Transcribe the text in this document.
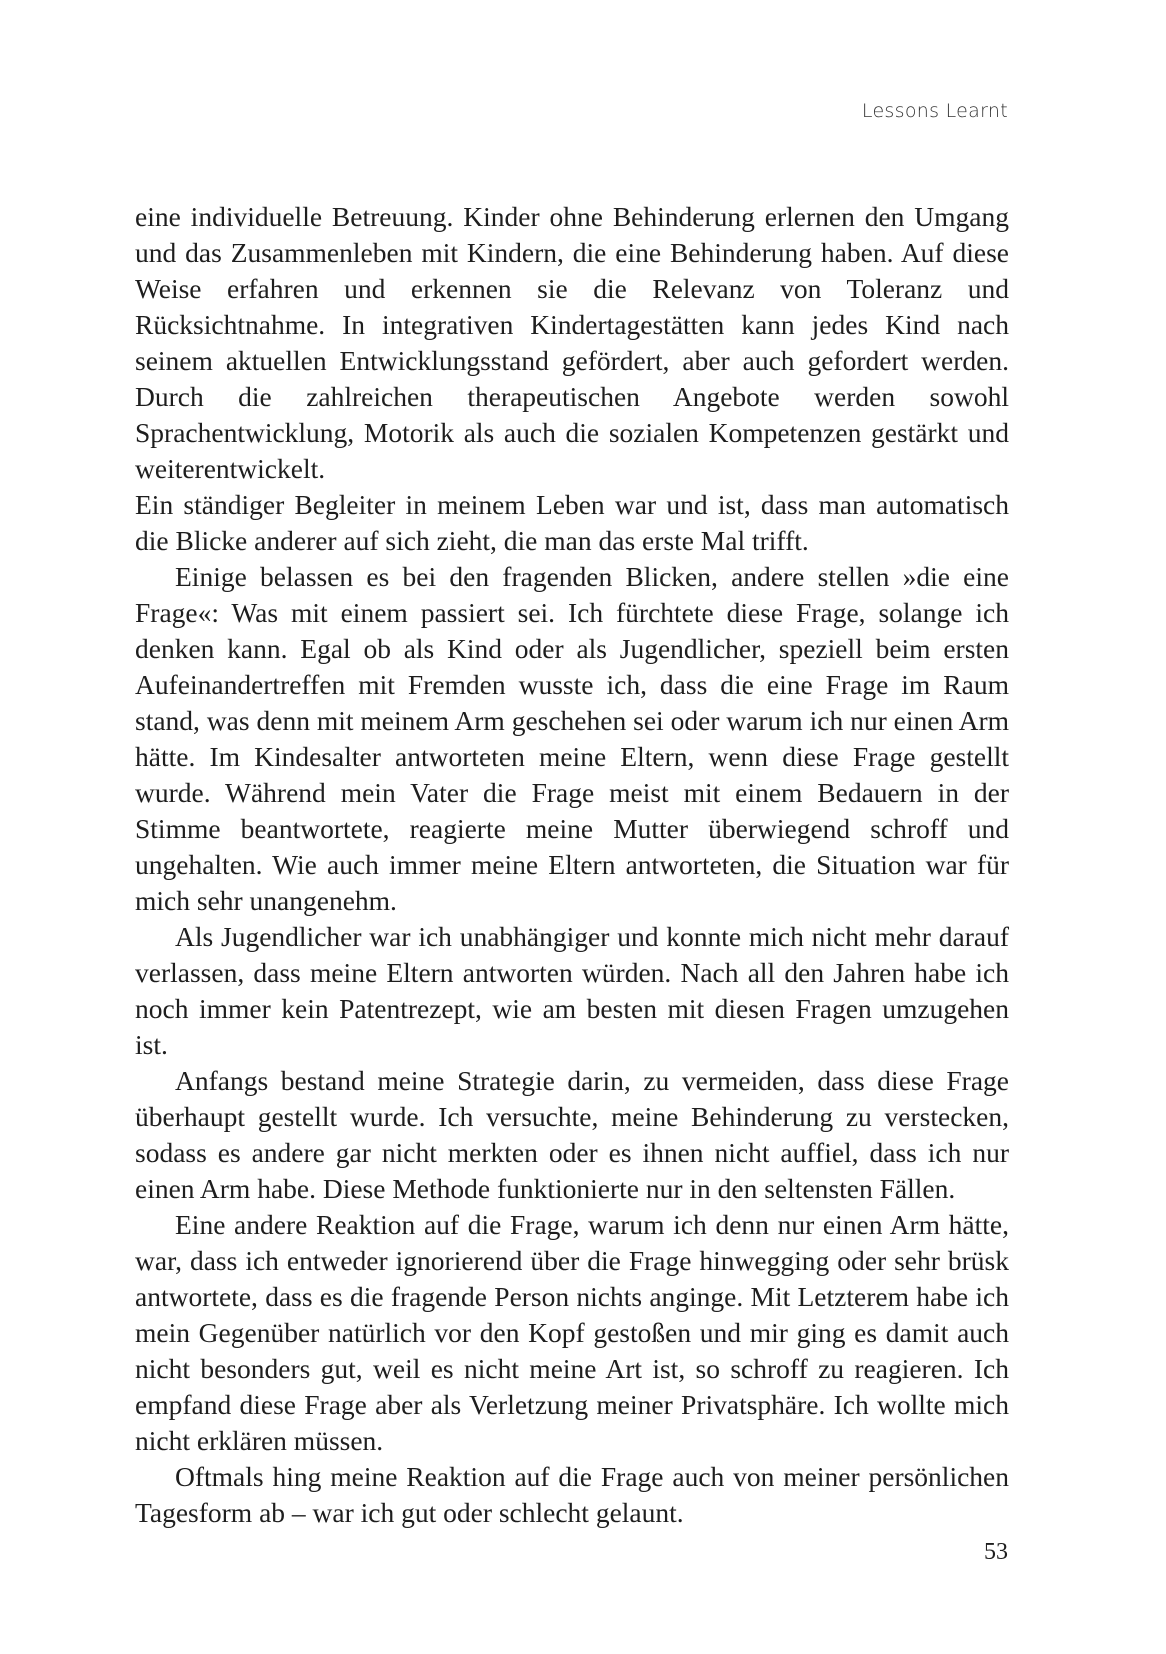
Lessons Learnt

eine individuelle Betreuung. Kinder ohne Behinderung erlernen den Umgang und das Zusammenleben mit Kindern, die eine Behinderung haben. Auf diese Weise erfahren und erkennen sie die Relevanz von Toleranz und Rücksichtnahme. In integrativen Kindertagestätten kann jedes Kind nach seinem aktuellen Entwicklungsstand gefördert, aber auch gefordert werden. Durch die zahlreichen therapeutischen Angebote werden sowohl Sprachentwicklung, Motorik als auch die sozialen Kompetenzen gestärkt und weiterentwickelt.

Ein ständiger Begleiter in meinem Leben war und ist, dass man automatisch die Blicke anderer auf sich zieht, die man das erste Mal trifft.

Einige belassen es bei den fragenden Blicken, andere stellen »die eine Frage«: Was mit einem passiert sei. Ich fürchtete diese Frage, solange ich denken kann. Egal ob als Kind oder als Jugendlicher, speziell beim ersten Aufeinandertreffen mit Fremden wusste ich, dass die eine Frage im Raum stand, was denn mit meinem Arm geschehen sei oder warum ich nur einen Arm hätte. Im Kindesalter antworteten meine Eltern, wenn diese Frage gestellt wurde. Während mein Vater die Frage meist mit einem Bedauern in der Stimme beantwortete, reagierte meine Mutter überwiegend schroff und ungehalten. Wie auch immer meine Eltern antworteten, die Situation war für mich sehr unangenehm.

Als Jugendlicher war ich unabhängiger und konnte mich nicht mehr darauf verlassen, dass meine Eltern antworten würden. Nach all den Jahren habe ich noch immer kein Patentrezept, wie am besten mit diesen Fragen umzugehen ist.

Anfangs bestand meine Strategie darin, zu vermeiden, dass diese Frage überhaupt gestellt wurde. Ich versuchte, meine Behinderung zu verstecken, sodass es andere gar nicht merkten oder es ihnen nicht auffiel, dass ich nur einen Arm habe. Diese Methode funktionierte nur in den seltensten Fällen.

Eine andere Reaktion auf die Frage, warum ich denn nur einen Arm hätte, war, dass ich entweder ignorierend über die Frage hinwegging oder sehr brüsk antwortete, dass es die fragende Person nichts anginge. Mit Letzterem habe ich mein Gegenüber natürlich vor den Kopf gestoßen und mir ging es damit auch nicht besonders gut, weil es nicht meine Art ist, so schroff zu reagieren. Ich empfand diese Frage aber als Verletzung meiner Privatsphäre. Ich wollte mich nicht erklären müssen.

Oftmals hing meine Reaktion auf die Frage auch von meiner persönlichen Tagesform ab – war ich gut oder schlecht gelaunt.

53
